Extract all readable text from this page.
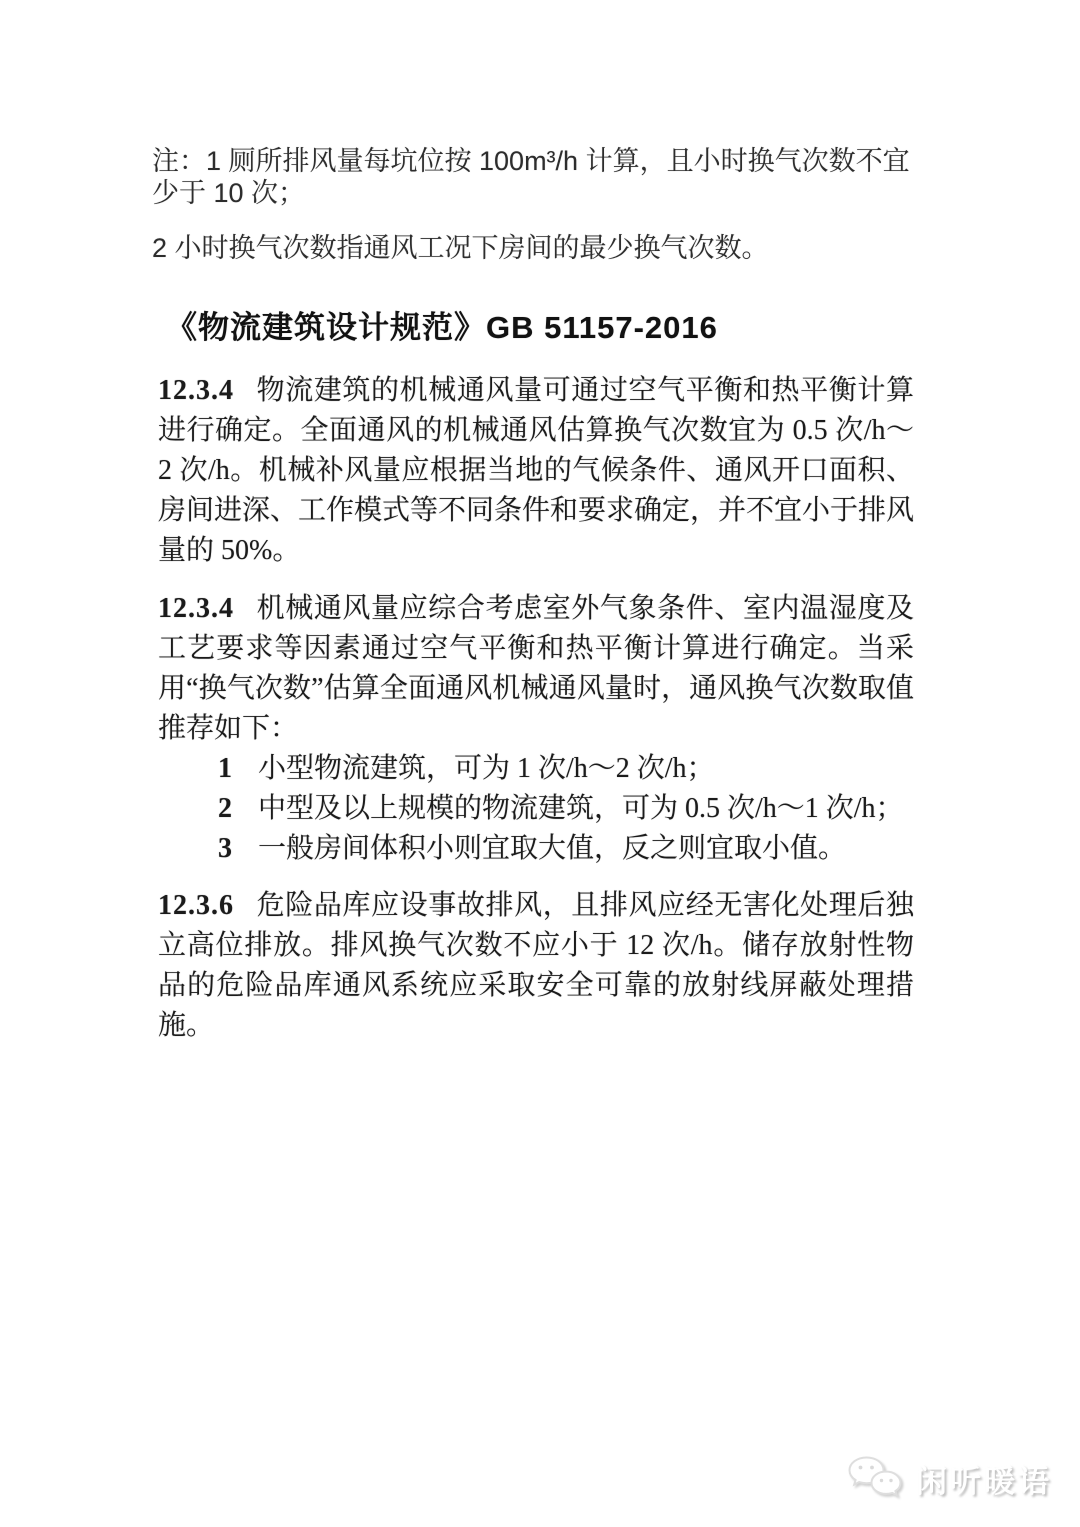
注：1 厕所排风量每坑位按 100m³/h 计算，且小时换气次数不宜少于 10 次；

2 小时换气次数指通风工况下房间的最少换气次数。

《物流建筑设计规范》GB 51157-2016

12.3.4 物流建筑的机械通风量可通过空气平衡和热平衡计算进行确定。全面通风的机械通风估算换气次数宜为 0.5 次/h～2 次/h。机械补风量应根据当地的气候条件、通风开口面积、房间进深、工作模式等不同条件和要求确定，并不宜小于排风量的 50%。

12.3.4 机械通风量应综合考虑室外气象条件、室内温湿度及工艺要求等因素通过空气平衡和热平衡计算进行确定。当采用“换气次数”估算全面通风机械通风量时，通风换气次数取值推荐如下：

1 小型物流建筑，可为 1 次/h～2 次/h；
2 中型及以上规模的物流建筑，可为 0.5 次/h～1 次/h；
3 一般房间体积小则宜取大值，反之则宜取小值。

12.3.6 危险品库应设事故排风，且排风应经无害化处理后独立高位排放。排风换气次数不应小于 12 次/h。储存放射性物品的危险品库通风系统应采取安全可靠的放射线屏蔽处理措施。

闲听暖语
